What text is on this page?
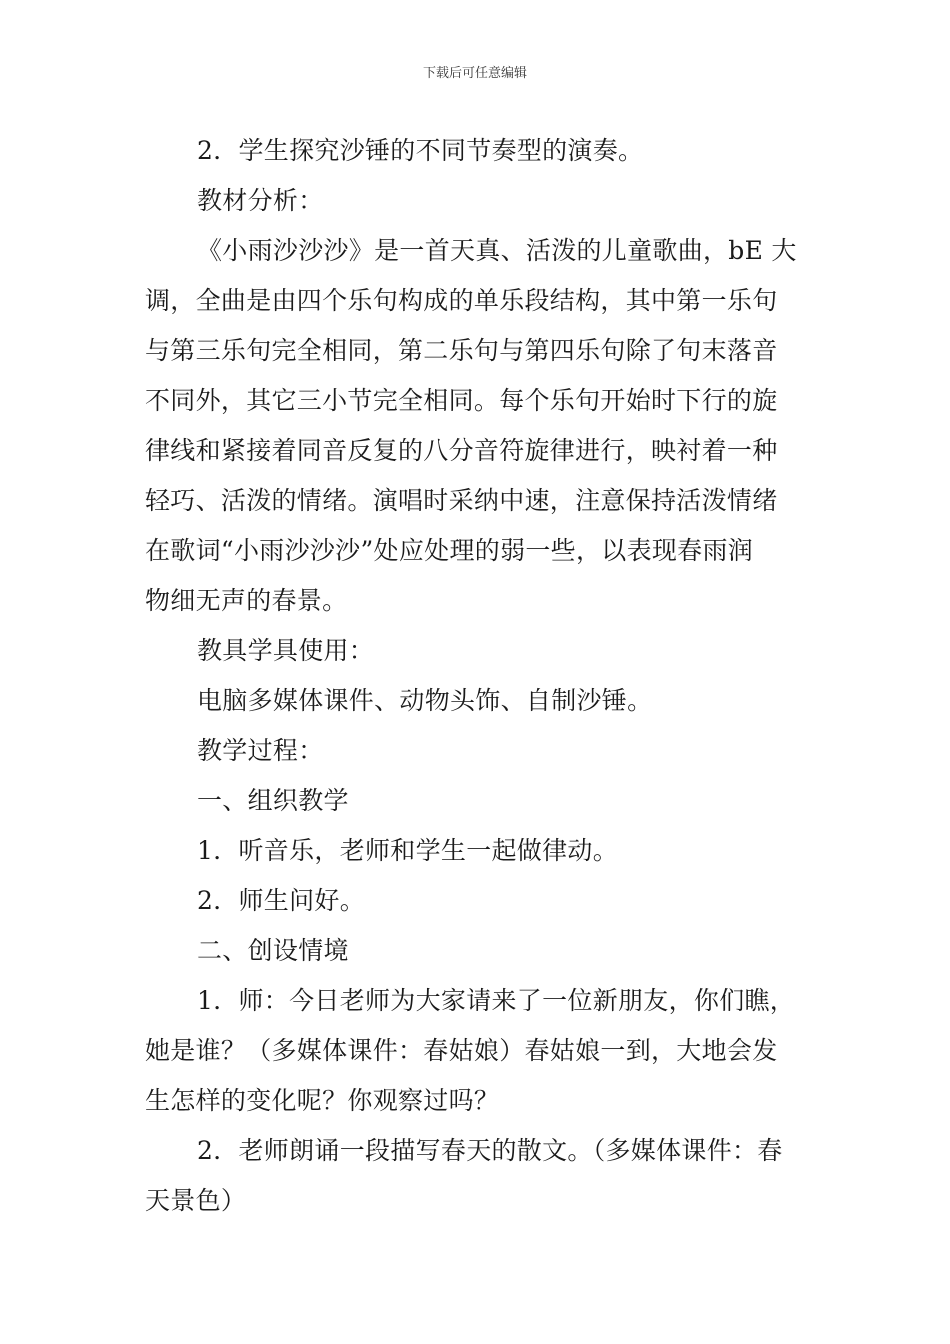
下载后可任意编辑
2．学生探究沙锤的不同节奏型的演奏。
教材分析：
《小雨沙沙沙》是一首天真、活泼的儿童歌曲，bE 大
调，全曲是由四个乐句构成的单乐段结构，其中第一乐句
与第三乐句完全相同，第二乐句与第四乐句除了句末落音
不同外，其它三小节完全相同。每个乐句开始时下行的旋
律线和紧接着同音反复的八分音符旋律进行，映衬着一种
轻巧、活泼的情绪。演唱时采纳中速，注意保持活泼情绪
在歌词“小雨沙沙沙”处应处理的弱一些，以表现春雨润
物细无声的春景。
教具学具使用：
电脑多媒体课件、动物头饰、自制沙锤。
教学过程：
一、组织教学
1．听音乐，老师和学生一起做律动。
2．师生问好。
二、创设情境
1．师：今日老师为大家请来了一位新朋友，你们瞧，
她是谁？（多媒体课件：春姑娘）春姑娘一到，大地会发
生怎样的变化呢？你观察过吗？
2．老师朗诵一段描写春天的散文。（多媒体课件：春
天景色）
